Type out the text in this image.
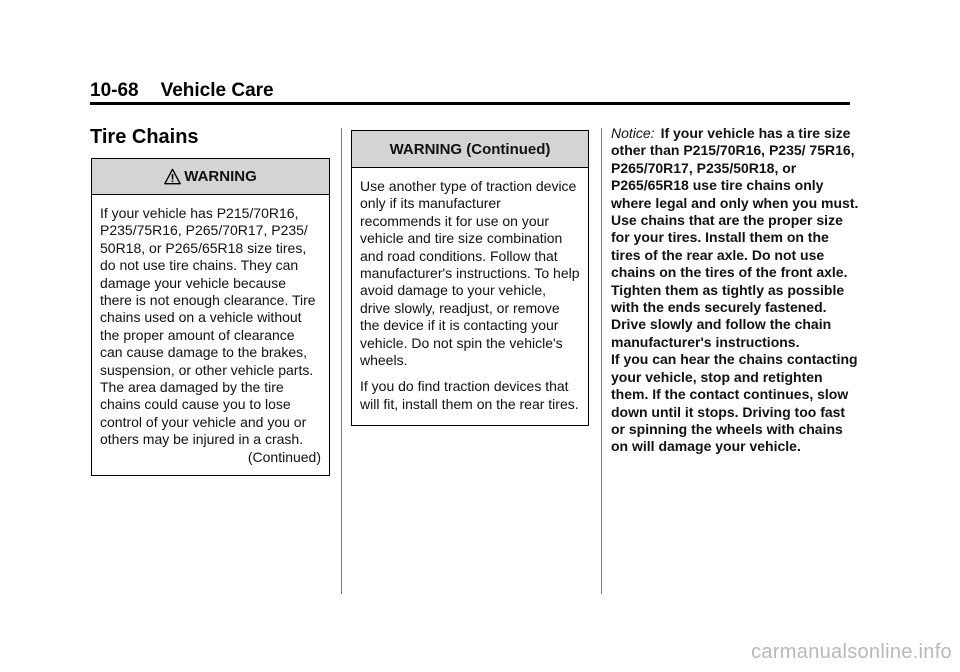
10-68 Vehicle Care
Tire Chains
WARNING

If your vehicle has P215/70R16, P235/75R16, P265/70R17, P235/ 50R18, or P265/65R18 size tires, do not use tire chains. They can damage your vehicle because there is not enough clearance. Tire chains used on a vehicle without the proper amount of clearance can cause damage to the brakes, suspension, or other vehicle parts. The area damaged by the tire chains could cause you to lose control of your vehicle and you or others may be injured in a crash.

(Continued)

WARNING (Continued)

Use another type of traction device only if its manufacturer recommends it for use on your vehicle and tire size combination and road conditions. Follow that manufacturer's instructions. To help avoid damage to your vehicle, drive slowly, readjust, or remove the device if it is contacting your vehicle. Do not spin the vehicle's wheels.

If you do find traction devices that will fit, install them on the rear tires.

Notice: If your vehicle has a tire size other than P215/70R16, P235/ 75R16, P265/70R17, P235/50R18, or P265/65R18 use tire chains only where legal and only when you must. Use chains that are the proper size for your tires. Install them on the tires of the rear axle. Do not use chains on the tires of the front axle. Tighten them as tightly as possible with the ends securely fastened. Drive slowly and follow the chain manufacturer's instructions.

If you can hear the chains contacting your vehicle, stop and retighten them. If the contact continues, slow down until it stops. Driving too fast or spinning the wheels with chains on will damage your vehicle.

carmanualsonline.info
